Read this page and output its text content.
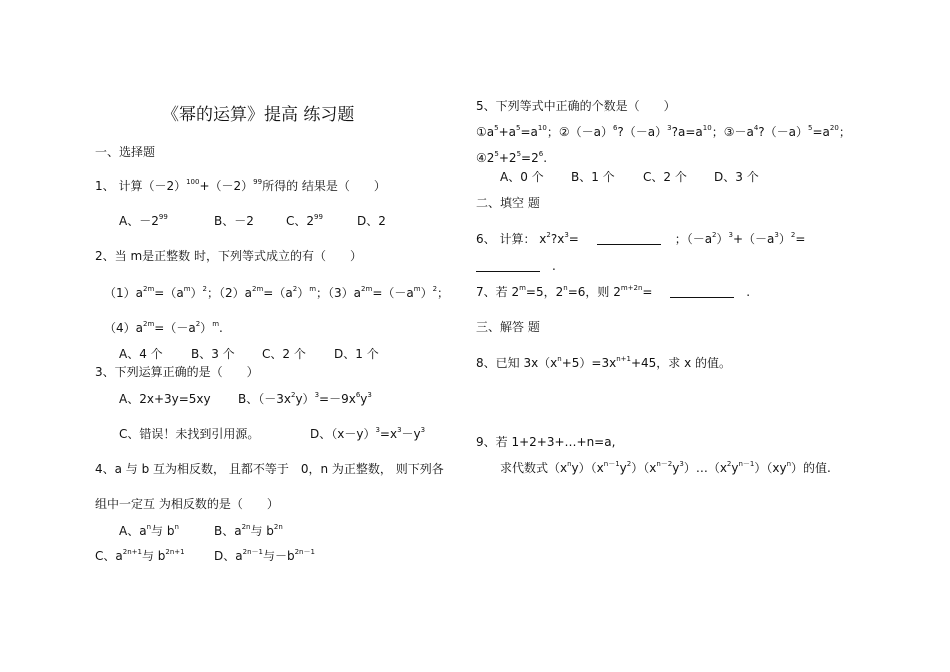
《幂的运算》提高 练习题
一、选择题
1、 计算$(-2)^{100}+(-2)^{99}$所得的 结果是（　　）
A、$-2^{99}$	B、－2	C、$2^{99}$	D、2
2、当 m是正整数 时，下列等式成立的有（　　）
$(1)a^{2m}=(a^m)^2$；$(2)a^{2m}=(a^2)^m$；$(3)a^{2m}=(-a^m)^2$；
$(4)a^{2m}=(-a^2)^m$.
A、4 个 B、3 个 C、2 个 D、1 个
3、下列运算正确的是（　　）
A、2x+3y=5xy B、$(-3x^2y)^3=-9x^6y^3$
C、错误！未找到引用源。	D、$(x-y)^3=x^3-y^3$
4、a 与 b 互为相反数， 且都不等于　0，n 为正整数， 则下列各
组中一定互 为相反数的是（　　）
A、$a^n$与 $b^n$	B、$a^{2n}$与 $b^{2n}$
C、$a^{2n+1}$与 $b^{2n+1}$ D、$a^{2n-1}$与$-b^{2n-1}$
5、下列等式中正确的个数是（　　）
$①a^5+a^5=a^{10}$；$②(-a)^6?(-a)^3?a=a^{10}$；$③-a^4?(-a)^5=a^{20}$；
$④2^5+2^5=2^6$.
A、0 个 B、1 个 C、2 个 D、3 个
二、填空 题
6、 计算： $x^2?x^3=$	；$(-a^2)^3+(-a^3)^2=$
.
7、若 $2^m=5$，$2^n=6$，则 $2^{m+2n}=$	.
三、解答 题
8、已知 $3x(x^n+5)=3x^{n+1}+45$，求 x 的值。
9、若 1+2+3+…+n=a,
求代数式$(x^ny)(x^{n-1}y^2)(x^{n-2}y^3)\dots(x^2y^{n-1})(xy^n)$的值.
